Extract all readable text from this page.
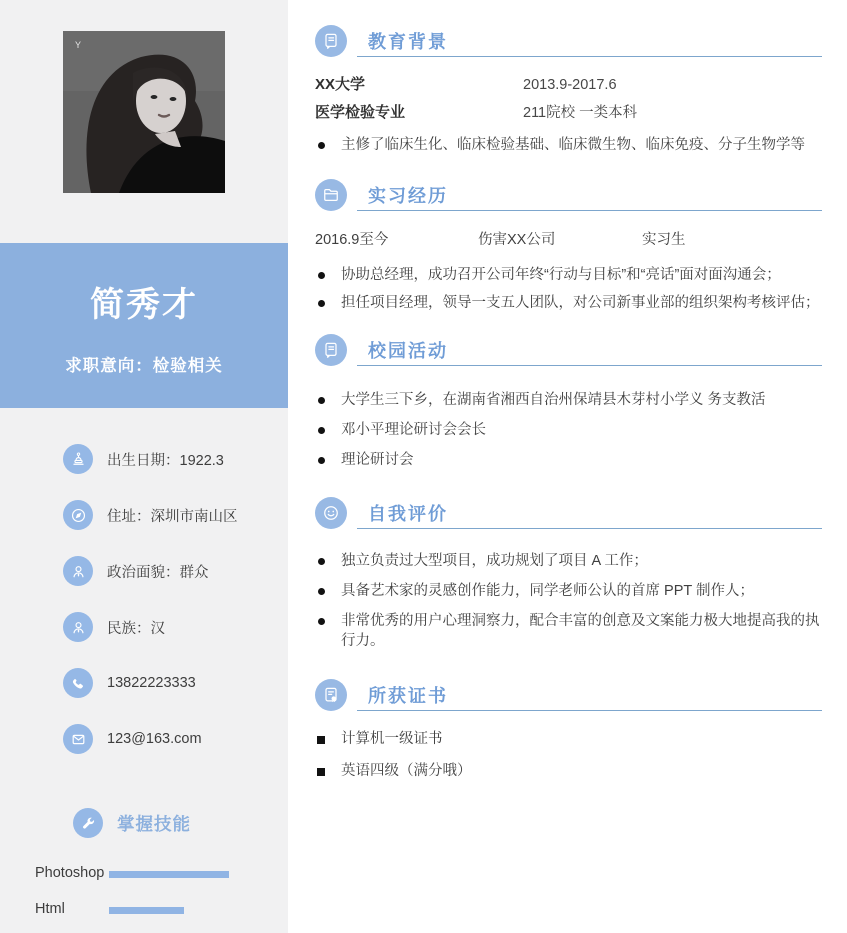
Y
简秀才
求职意向：检验相关
出生日期：1922.3
住址：深圳市南山区
政治面貌：群众
民族：汉
13822223333
123@163.com
掌握技能
Photoshop
Html
教育背景
XX大学	2013.9-2017.6
医学检验专业	211院校 一类本科
主修了临床生化、临床检验基础、临床微生物、临床免疫、分子生物学等
实习经历
2016.9至今	伤害XX公司	实习生
协助总经理，成功召开公司年终“行动与目标”和“亮话”面对面沟通会；
担任项目经理，领导一支五人团队，对公司新事业部的组织架构考核评估；
校园活动
大学生三下乡，在湖南省湘西自治州保靖县木芽村小学义 务支教活
邓小平理论研讨会会长
理论研讨会
自我评价
独立负责过大型项目，成功规划了项目 A 工作；
具备艺术家的灵感创作能力，同学老师公认的首席 PPT 制作人；
非常优秀的用户心理洞察力，配合丰富的创意及文案能力极大地提高我的执行力。
所获证书
计算机一级证书
英语四级（满分哦）
